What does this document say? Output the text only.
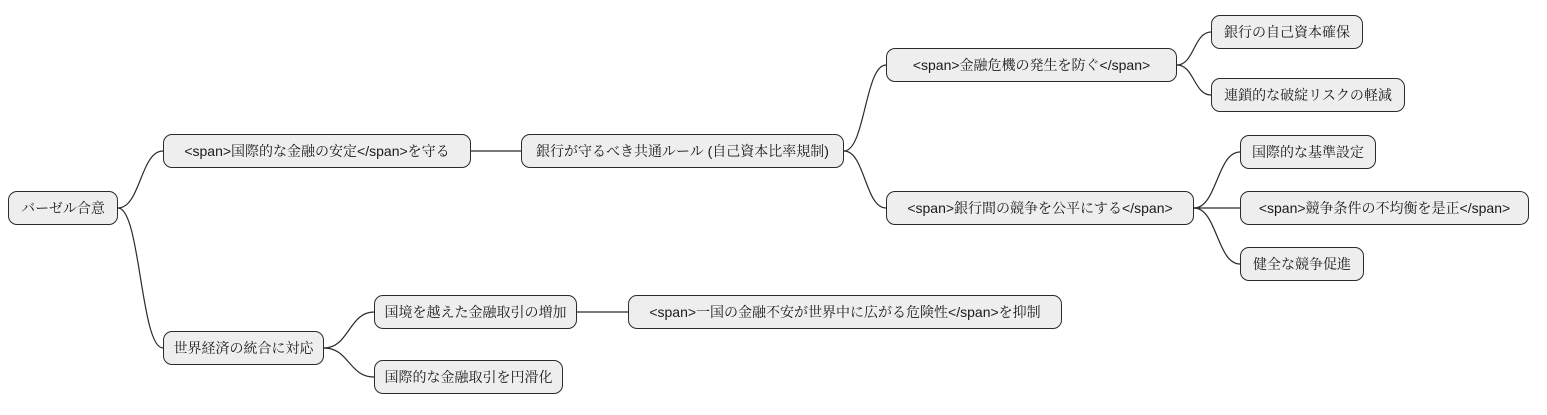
バーゼル合意
<span>国際的な金融の安定</span>を守る	銀行が守るべき共通ルール (自己資本比率規制)
<span>金融危機の発生を防ぐ</span>
銀行の自己資本確保
連鎖的な破綻リスクの軽減
<span>銀行間の競争を公平にする</span>
国際的な基準設定
<span>競争条件の不均衡を是正</span>
健全な競争促進
世界経済の統合に対応
国境を越えた金融取引の増加	<span>一国の金融不安が世界中に広がる危険性</span>を抑制
国際的な金融取引を円滑化
